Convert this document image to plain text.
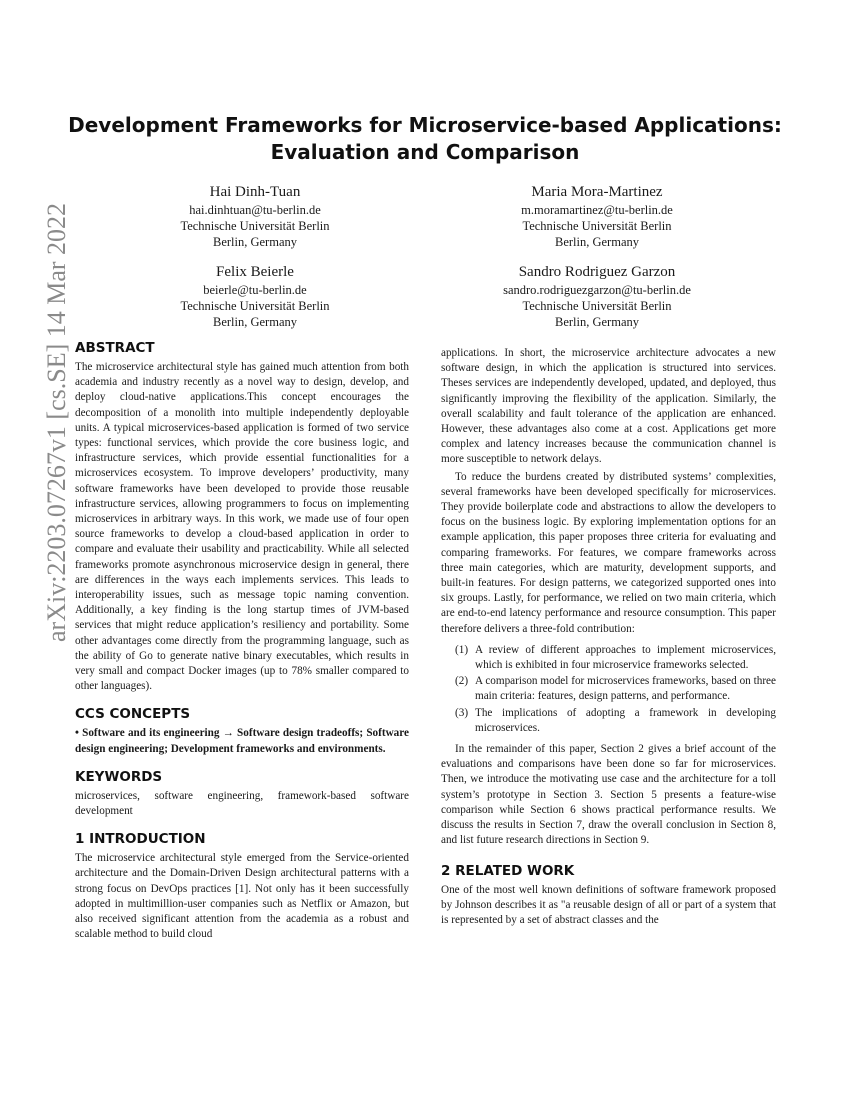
arXiv:2203.07267v1 [cs.SE] 14 Mar 2022
Development Frameworks for Microservice-based Applications:
Evaluation and Comparison
Hai Dinh-Tuan
hai.dinhtuan@tu-berlin.de
Technische Universität Berlin
Berlin, Germany
Maria Mora-Martinez
m.moramartinez@tu-berlin.de
Technische Universität Berlin
Berlin, Germany
Felix Beierle
beierle@tu-berlin.de
Technische Universität Berlin
Berlin, Germany
Sandro Rodriguez Garzon
sandro.rodriguezgarzon@tu-berlin.de
Technische Universität Berlin
Berlin, Germany
ABSTRACT

The microservice architectural style has gained much attention from both academia and industry recently as a novel way to design, develop, and deploy cloud-native applications.This concept encourages the decomposition of a monolith into multiple independently deployable units. A typical microservices-based application is formed of two service types: functional services, which provide the core business logic, and infrastructure services, which provide essential functionalities for a microservices ecosystem. To improve developers’ productivity, many software frameworks have been developed to provide those reusable infrastructure services, allowing programmers to focus on implementing microservices in arbitrary ways. In this work, we made use of four open source frameworks to develop a cloud-based application in order to compare and evaluate their usability and practicability. While all selected frameworks promote asynchronous microservice design in general, there are differences in the ways each implements services. This leads to interoperability issues, such as message topic naming convention. Additionally, a key finding is the long startup times of JVM-based services that might reduce application’s resiliency and portability. Some other advantages come directly from the programming language, such as the ability of Go to generate native binary executables, which results in very small and compact Docker images (up to 78% smaller compared to other languages).

CCS CONCEPTS

• Software and its engineering → Software design tradeoffs; Software design engineering; Development frameworks and environments.

KEYWORDS

microservices, software engineering, framework-based software development

1 INTRODUCTION

The microservice architectural style emerged from the Service-oriented architecture and the Domain-Driven Design architectural patterns with a strong focus on DevOps practices [1]. Not only has it been successfully adopted in multimillion-user companies such as Netflix or Amazon, but also received significant attention from the academia as a robust and scalable method to build cloud

applications. In short, the microservice architecture advocates a new software design, in which the application is structured into services. Theses services are independently developed, updated, and deployed, thus significantly improving the flexibility of the application. Similarly, the overall scalability and fault tolerance of the application are enhanced. However, these advantages also come at a cost. Applications get more complex and latency increases because the communication channel is more susceptible to network delays.

To reduce the burdens created by distributed systems’ complexities, several frameworks have been developed specifically for microservices. They provide boilerplate code and abstractions to allow the developers to focus on the business logic. By exploring implementation options for an example application, this paper proposes three criteria for evaluating and comparing frameworks. For features, we compare frameworks across three main categories, which are maturity, development supports, and built-in features. For design patterns, we categorized supported ones into six groups. Lastly, for performance, we relied on two main criteria, which are end-to-end latency performance and resource consumption. This paper therefore delivers a three-fold contribution:

(1) A review of different approaches to implement microservices, which is exhibited in four microservice frameworks selected.
(2) A comparison model for microservices frameworks, based on three main criteria: features, design patterns, and performance.
(3) The implications of adopting a framework in developing microservices.

In the remainder of this paper, Section 2 gives a brief account of the evaluations and comparisons have been done so far for microservices. Then, we introduce the motivating use case and the architecture for a toll system’s prototype in Section 3. Section 5 presents a feature-wise comparison while Section 6 shows practical performance results. We discuss the results in Section 7, draw the overall conclusion in Section 8, and list future research directions in Section 9.

2 RELATED WORK

One of the most well known definitions of software framework proposed by Johnson describes it as "a reusable design of all or part of a system that is represented by a set of abstract classes and the
